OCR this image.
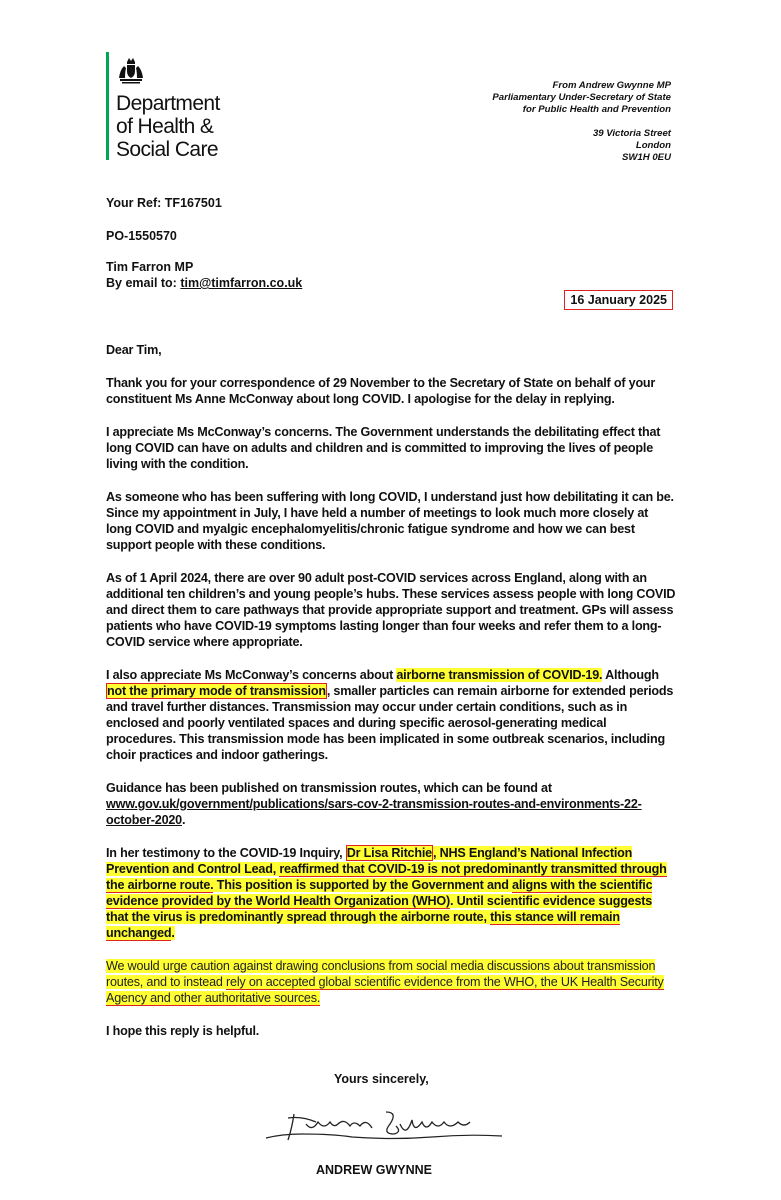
Department
of Health &
Social Care
From Andrew Gwynne MP
Parliamentary Under-Secretary of State
for Public Health and Prevention
39 Victoria Street
London
SW1H 0EU
Your Ref: TF167501
PO-1550570
Tim Farron MP
By email to: tim@timfarron.co.uk
16 January 2025

Dear Tim,

Thank you for your correspondence of 29 November to the Secretary of State on behalf of your constituent Ms Anne McConway about long COVID. I apologise for the delay in replying.

I appreciate Ms McConway’s concerns. The Government understands the debilitating effect that long COVID can have on adults and children and is committed to improving the lives of people living with the condition.

As someone who has been suffering with long COVID, I understand just how debilitating it can be. Since my appointment in July, I have held a number of meetings to look much more closely at long COVID and myalgic encephalomyelitis/chronic fatigue syndrome and how we can best support people with these conditions.

As of 1 April 2024, there are over 90 adult post-COVID services across England, along with an additional ten children’s and young people’s hubs. These services assess people with long COVID and direct them to care pathways that provide appropriate support and treatment. GPs will assess patients who have COVID-19 symptoms lasting longer than four weeks and refer them to a long-COVID service where appropriate.

I also appreciate Ms McConway’s concerns about airborne transmission of COVID-19. Although not the primary mode of transmission, smaller particles can remain airborne for extended periods and travel further distances. Transmission may occur under certain conditions, such as in enclosed and poorly ventilated spaces and during specific aerosol-generating medical procedures. This transmission mode has been implicated in some outbreak scenarios, including choir practices and indoor gatherings.

Guidance has been published on transmission routes, which can be found at www.gov.uk/government/publications/sars-cov-2-transmission-routes-and-environments-22-october-2020.

In her testimony to the COVID-19 Inquiry, Dr Lisa Ritchie, NHS England’s National Infection Prevention and Control Lead, reaffirmed that COVID-19 is not predominantly transmitted through the airborne route. This position is supported by the Government and aligns with the scientific evidence provided by the World Health Organization (WHO). Until scientific evidence suggests that the virus is predominantly spread through the airborne route, this stance will remain unchanged.

We would urge caution against drawing conclusions from social media discussions about transmission routes, and to instead rely on accepted global scientific evidence from the WHO, the UK Health Security Agency and other authoritative sources.

I hope this reply is helpful.

Yours sincerely,
ANDREW GWYNNE
